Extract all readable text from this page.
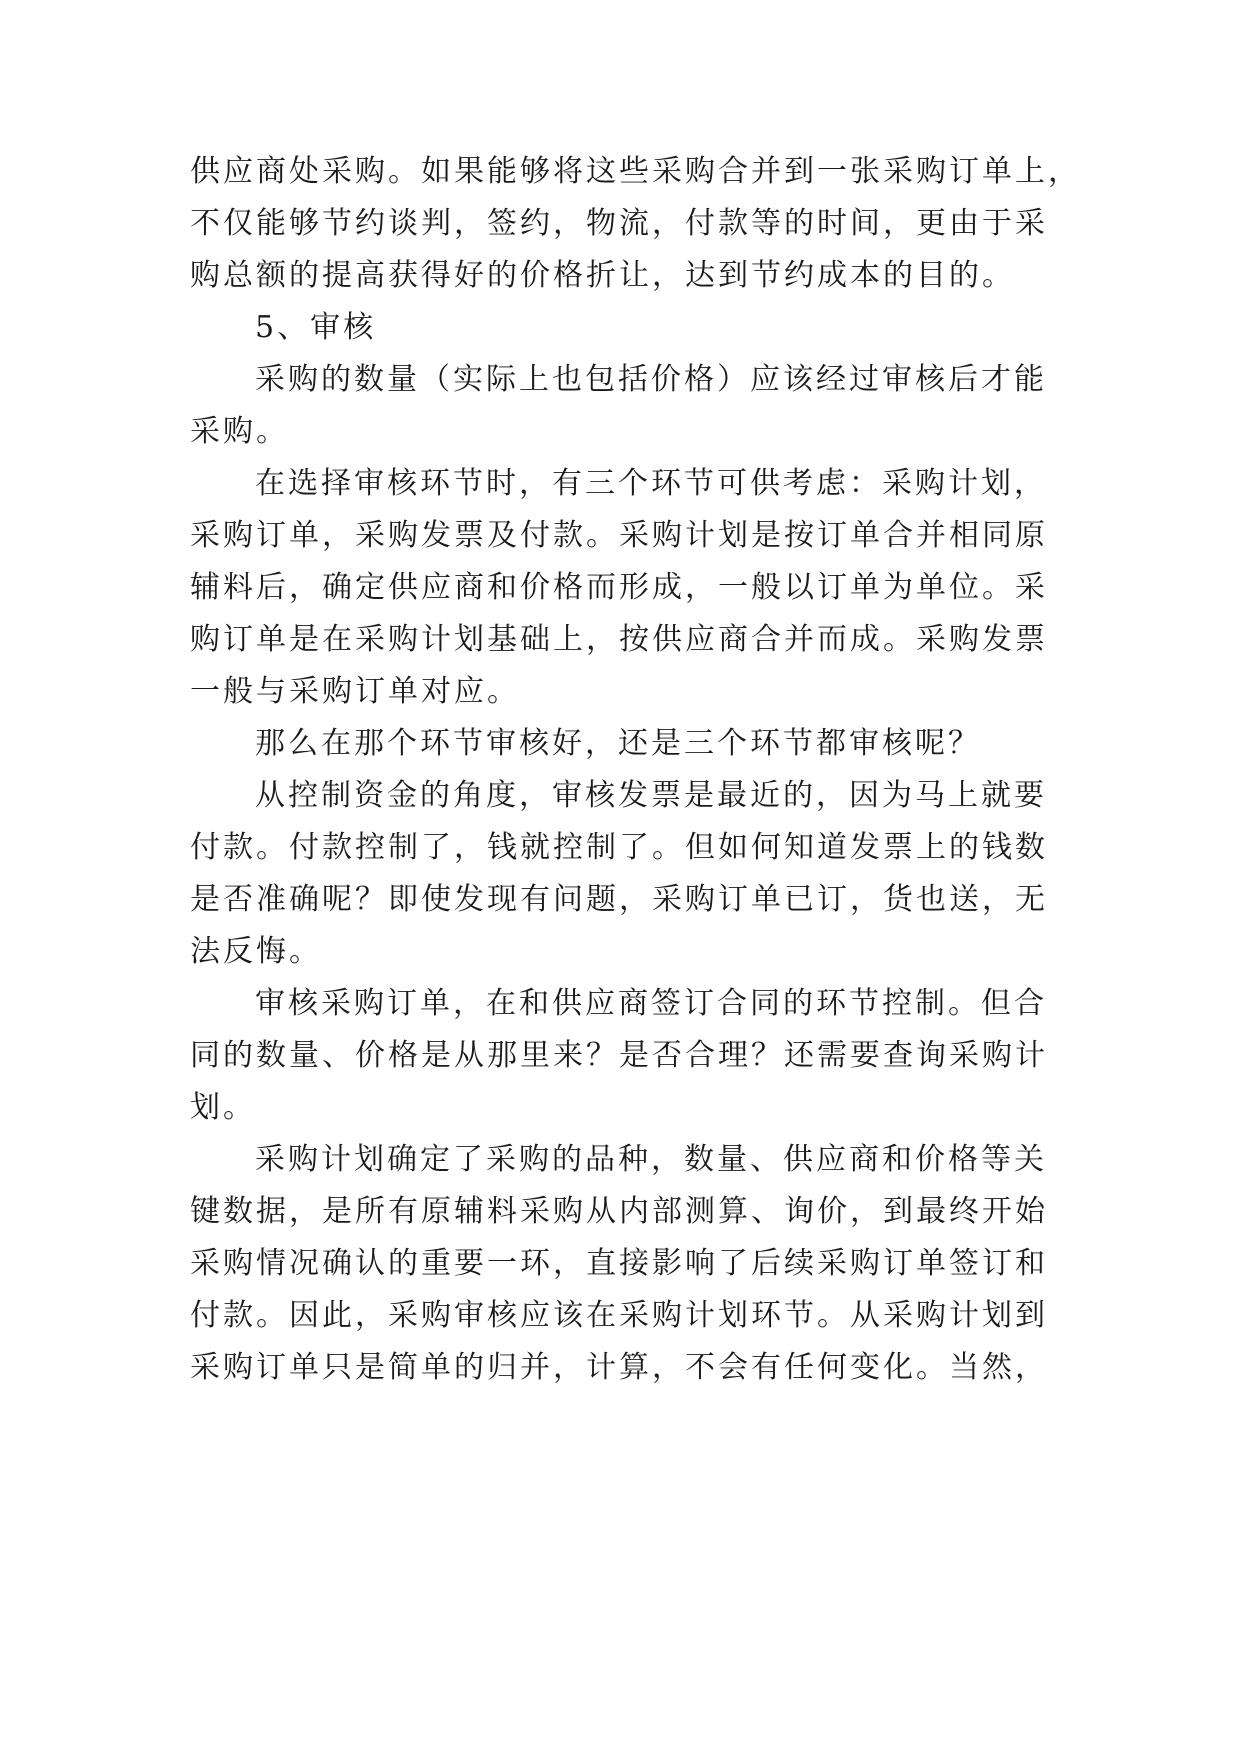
供应商处采购。如果能够将这些采购合并到一张采购订单上，
不仅能够节约谈判，签约，物流，付款等的时间，更由于采
购总额的提高获得好的价格折让，达到节约成本的目的。
5、审核
采购的数量（实际上也包括价格）应该经过审核后才能
采购。
在选择审核环节时，有三个环节可供考虑：采购计划，
采购订单，采购发票及付款。采购计划是按订单合并相同原
辅料后，确定供应商和价格而形成，一般以订单为单位。采
购订单是在采购计划基础上，按供应商合并而成。采购发票
一般与采购订单对应。
那么在那个环节审核好，还是三个环节都审核呢？
从控制资金的角度，审核发票是最近的，因为马上就要
付款。付款控制了，钱就控制了。但如何知道发票上的钱数
是否准确呢？即使发现有问题，采购订单已订，货也送，无
法反悔。
审核采购订单，在和供应商签订合同的环节控制。但合
同的数量、价格是从那里来？是否合理？还需要查询采购计
划。
采购计划确定了采购的品种，数量、供应商和价格等关
键数据，是所有原辅料采购从内部测算、询价，到最终开始
采购情况确认的重要一环，直接影响了后续采购订单签订和
付款。因此，采购审核应该在采购计划环节。从采购计划到
采购订单只是简单的归并，计算，不会有任何变化。当然，
